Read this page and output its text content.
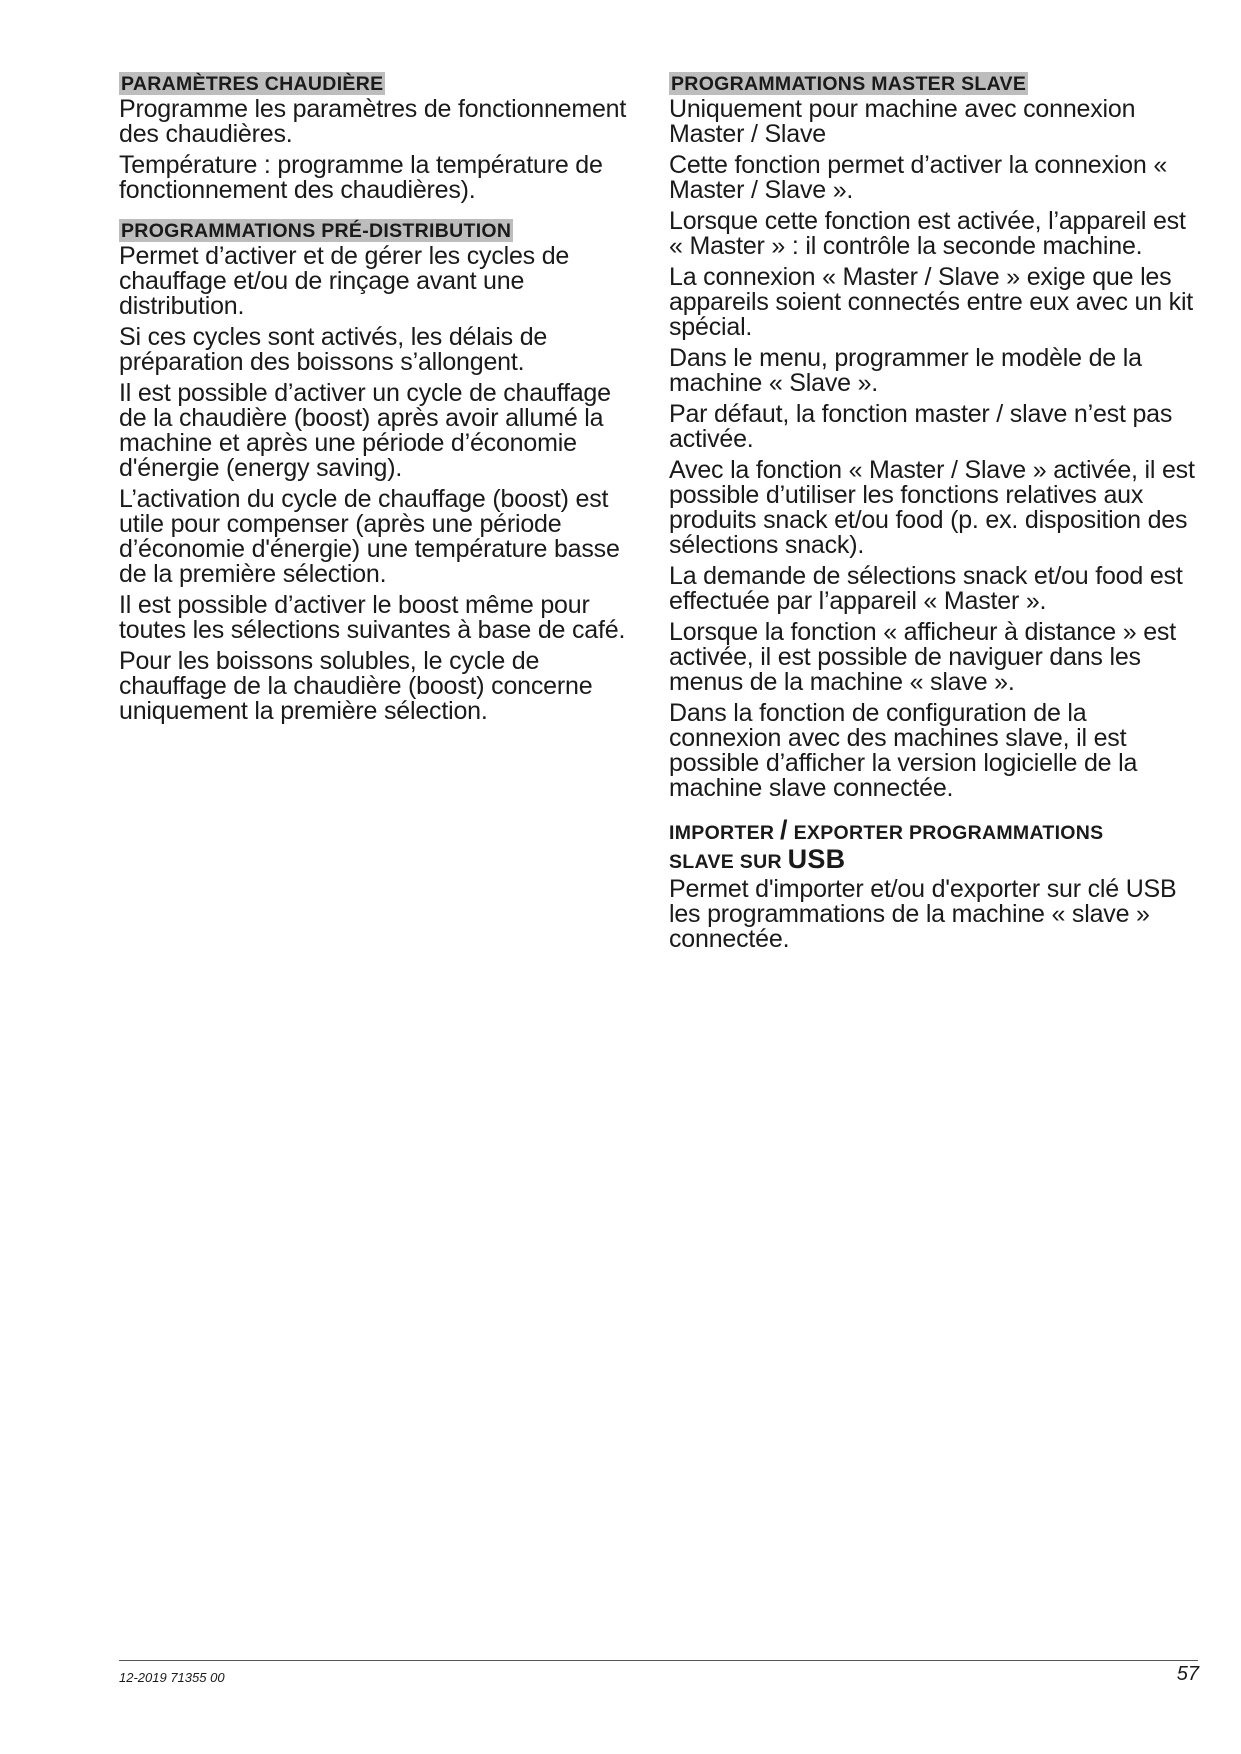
PARAMÈTRES CHAUDIÈRE

Programme les paramètres de fonctionnement des chaudières.

Température : programme la température de fonctionnement des chaudières).

PROGRAMMATIONS PRÉ-DISTRIBUTION

Permet d’activer et de gérer les cycles de chauffage et/ou de rinçage avant une distribution.

Si ces cycles sont activés, les délais de préparation des boissons s’allongent.

Il est possible d’activer un cycle de chauffage de la chaudière (boost) après avoir allumé la machine et après une période d’économie d'énergie (energy saving).

L’activation du cycle de chauffage (boost) est utile pour compenser (après une période d’économie d'énergie) une température basse de la première sélection.

Il est possible d’activer le boost même pour toutes les sélections suivantes à base de café.

Pour les boissons solubles, le cycle de chauffage de la chaudière (boost) concerne uniquement la première sélection.

PROGRAMMATIONS MASTER SLAVE

Uniquement pour machine avec connexion Master / Slave

Cette fonction permet d’activer la connexion « Master / Slave ».

Lorsque cette fonction est activée, l’appareil est « Master » : il contrôle la seconde machine.

La connexion « Master / Slave » exige que les appareils soient connectés entre eux avec un kit spécial.

Dans le menu, programmer le modèle de la machine « Slave ».

Par défaut, la fonction master / slave n’est pas activée.

Avec la fonction « Master / Slave » activée, il est possible d’utiliser les fonctions relatives aux produits snack et/ou food (p. ex. disposition des sélections snack).

La demande de sélections snack et/ou food est effectuée par l’appareil « Master ».

Lorsque la fonction « afficheur à distance » est activée, il est possible de naviguer dans les menus de la machine « slave ».

Dans la fonction de configuration de la connexion avec des machines slave, il est possible d’afficher la version logicielle de la machine slave connectée.

IMPORTER / EXPORTER PROGRAMMATIONS
SLAVE SUR USB

Permet d'importer et/ou d'exporter sur clé USB les programmations de la machine « slave » connectée.

12-2019 71355 00	57
